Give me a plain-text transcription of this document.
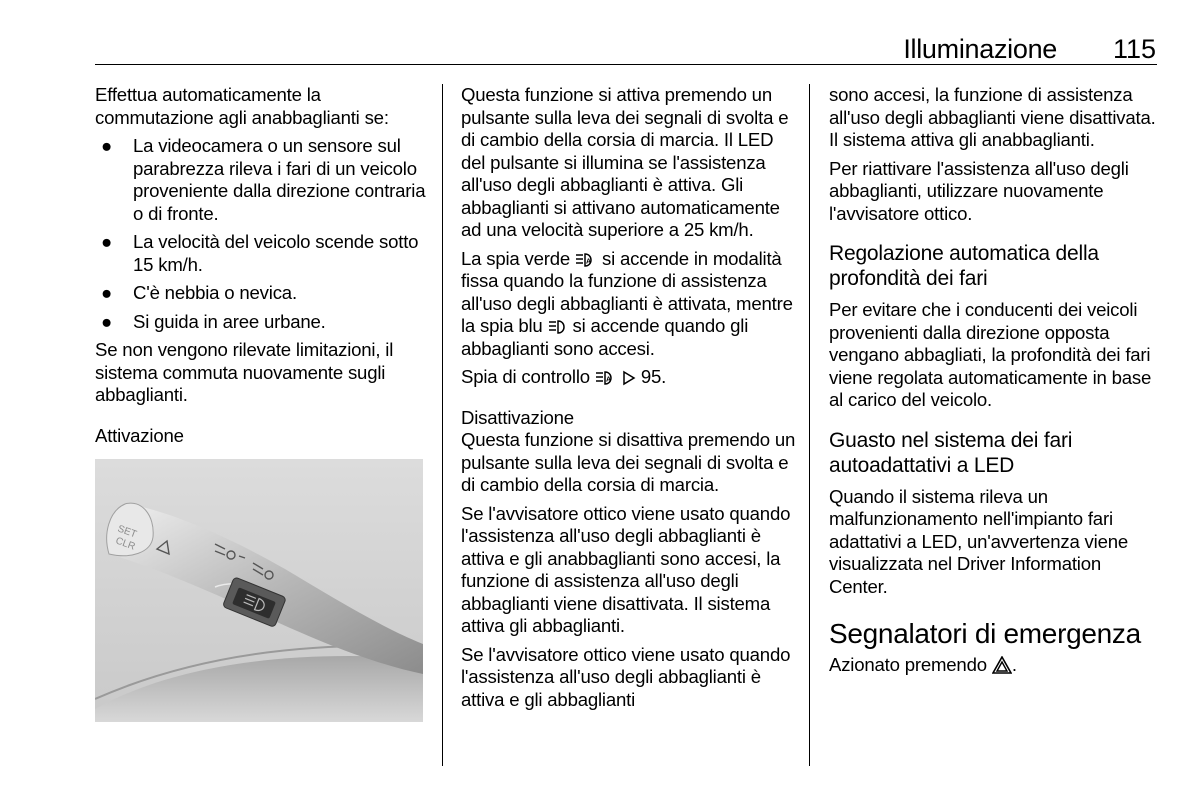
Illuminazione	115

Effettua automaticamente la commutazione agli anabbaglianti se:

● La videocamera o un sensore sul parabrezza rileva i fari di un veicolo proveniente dalla direzione contraria o di fronte.
● La velocità del veicolo scende sotto 15 km/h.
● C'è nebbia o nevica.
● Si guida in aree urbane.

Se non vengono rilevate limitazioni, il sistema commuta nuovamente sugli abbaglianti.

Attivazione
SET
CLR

Questa funzione si attiva premendo un pulsante sulla leva dei segnali di svolta e di cambio della corsia di marcia. Il LED del pulsante si illumina se l'assistenza all'uso degli abbaglianti è attiva. Gli abbaglianti si attivano automaticamente ad una velocità superiore a 25 km/h.

La spia verde A si accende in modalità fissa quando la funzione di assistenza all'uso degli abbaglianti è attivata, mentre la spia blu si accende quando gli abbaglianti sono accesi.

Spia di controllo A 95.

Disattivazione

Questa funzione si disattiva premendo un pulsante sulla leva dei segnali di svolta e di cambio della corsia di marcia.

Se l'avvisatore ottico viene usato quando l'assistenza all'uso degli abbaglianti è attiva e gli anabbaglianti sono accesi, la funzione di assistenza all'uso degli abbaglianti viene disattivata. Il sistema attiva gli abbaglianti.

Se l'avvisatore ottico viene usato quando l'assistenza all'uso degli abbaglianti è attiva e gli abbaglianti

sono accesi, la funzione di assistenza all'uso degli abbaglianti viene disattivata. Il sistema attiva gli anabbaglianti.

Per riattivare l'assistenza all'uso degli abbaglianti, utilizzare nuovamente l'avvisatore ottico.

Regolazione automatica della profondità dei fari

Per evitare che i conducenti dei veicoli provenienti dalla direzione opposta vengano abbagliati, la profondità dei fari viene regolata automaticamente in base al carico del veicolo.

Guasto nel sistema dei fari autoadattativi a LED

Quando il sistema rileva un malfunzionamento nell'impianto fari adattativi a LED, un'avvertenza viene visualizzata nel Driver Information Center.

Segnalatori di emergenza

Azionato premendo .
